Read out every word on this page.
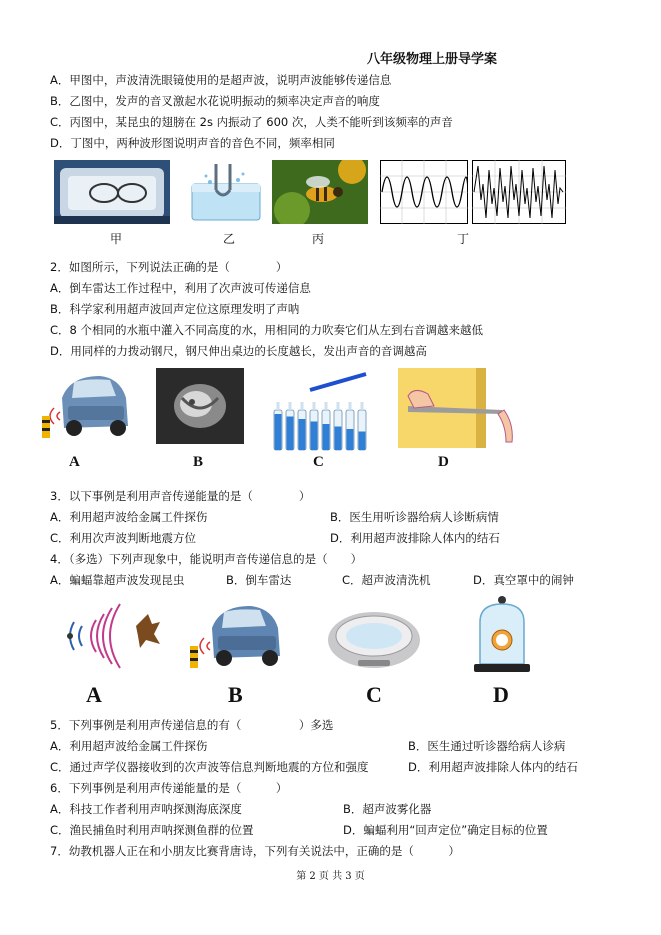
八年级物理上册导学案
A．甲图中，声波清洗眼镜使用的是超声波，说明声波能够传递信息
B．乙图中，发声的音叉激起水花说明振动的频率决定声音的响度
C．丙图中，某昆虫的翅膀在 2s 内振动了 600 次，人类不能听到该频率的声音
D．丁图中，两种波形图说明声音的音色不同，频率相同
甲	乙	丙	丁
2．如图所示，下列说法正确的是（　　　　）
A．倒车雷达工作过程中，利用了次声波可传递信息
B．科学家利用超声波回声定位这原理发明了声呐
C．8 个相同的水瓶中灌入不同高度的水，用相同的力吹奏它们从左到右音调越来越低
D．用同样的力拨动钢尺，钢尺伸出桌边的长度越长，发出声音的音调越高
A	B	C	D
3．以下事例是利用声音传递能量的是（　　　　）
A．利用超声波给金属工件探伤	B．医生用听诊器给病人诊断病情
C．利用次声波判断地震方位	D．利用超声波排除人体内的结石
4．（多选）下列声现象中，能说明声音传递信息的是（　　）
A．蝙蝠靠超声波发现昆虫	B．倒车雷达	C．超声波清洗机	D．真空罩中的闹钟
A	B	C	D
5．下列事例是利用声传递信息的有（　　　　　）多选
A．利用超声波给金属工件探伤	B．医生通过听诊器给病人诊病
C．通过声学仪器接收到的次声波等信息判断地震的方位和强度	D．利用超声波排除人体内的结石
6．下列事例是利用声传递能量的是（　　　）
A．科技工作者利用声呐探测海底深度	B．超声波雾化器
C．渔民捕鱼时利用声呐探测鱼群的位置	D．蝙蝠利用“回声定位”确定目标的位置
7．幼教机器人正在和小朋友比赛背唐诗，下列有关说法中，正确的是（　　　）
第 2 页 共 3 页
